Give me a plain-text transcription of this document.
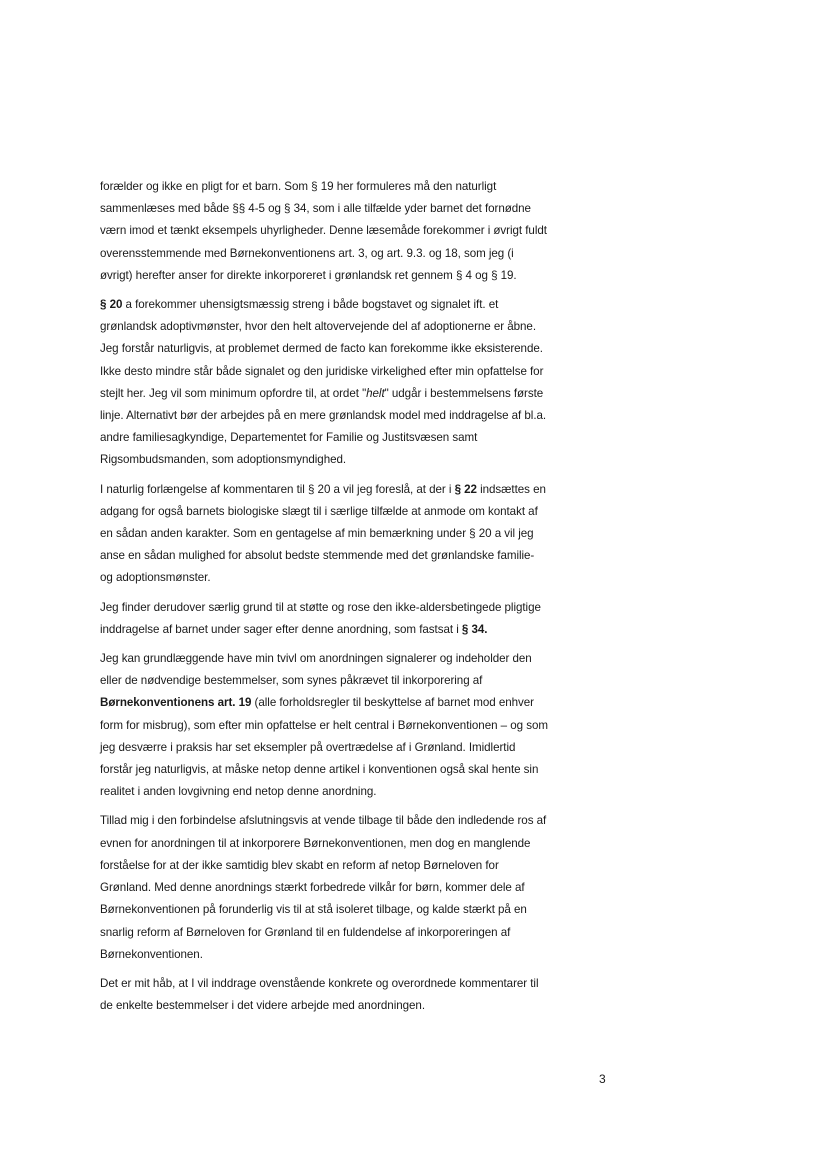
forælder og ikke en pligt for et barn. Som § 19 her formuleres må den naturligt
sammenlæses med både §§ 4-5 og § 34, som i alle tilfælde yder barnet det fornødne
værn imod et tænkt eksempels uhyrligheder. Denne læsemåde forekommer i øvrigt fuldt
overensstemmende med Børnekonventionens art. 3, og art. 9.3. og 18, som jeg (i
øvrigt) herefter anser for direkte inkorporeret i grønlandsk ret gennem § 4 og § 19.
§ 20 a forekommer uhensigtsmæssig streng i både bogstavet og signalet ift. et
grønlandsk adoptivmønster, hvor den helt altovervejende del af adoptionerne er åbne.
Jeg forstår naturligvis, at problemet dermed de facto kan forekomme ikke eksisterende.
Ikke desto mindre står både signalet og den juridiske virkelighed efter min opfattelse for
stejlt her. Jeg vil som minimum opfordre til, at ordet "helt" udgår i bestemmelsens første
linje. Alternativt bør der arbejdes på en mere grønlandsk model med inddragelse af bl.a.
andre familiesagkyndige, Departementet for Familie og Justitsvæsen samt
Rigsombudsmanden, som adoptionsmyndighed.
I naturlig forlængelse af kommentaren til § 20 a vil jeg foreslå, at der i § 22 indsættes en
adgang for også barnets biologiske slægt til i særlige tilfælde at anmode om kontakt af
en sådan anden karakter. Som en gentagelse af min bemærkning under § 20 a vil jeg
anse en sådan mulighed for absolut bedste stemmende med det grønlandske familie-
og adoptionsmønster.
Jeg finder derudover særlig grund til at støtte og rose den ikke-aldersbetingede pligtige
inddragelse af barnet under sager efter denne anordning, som fastsat i § 34.
Jeg kan grundlæggende have min tvivl om anordningen signalerer og indeholder den
eller de nødvendige bestemmelser, som synes påkrævet til inkorporering af
Børnekonventionens art. 19 (alle forholdsregler til beskyttelse af barnet mod enhver
form for misbrug), som efter min opfattelse er helt central i Børnekonventionen – og som
jeg desværre i praksis har set eksempler på overtrædelse af i Grønland. Imidlertid
forstår jeg naturligvis, at måske netop denne artikel i konventionen også skal hente sin
realitet i anden lovgivning end netop denne anordning.
Tillad mig i den forbindelse afslutningsvis at vende tilbage til både den indledende ros af
evnen for anordningen til at inkorporere Børnekonventionen, men dog en manglende
forståelse for at der ikke samtidig blev skabt en reform af netop Børneloven for
Grønland. Med denne anordnings stærkt forbedrede vilkår for børn, kommer dele af
Børnekonventionen på forunderlig vis til at stå isoleret tilbage, og kalde stærkt på en
snarlig reform af Børneloven for Grønland til en fuldendelse af inkorporeringen af
Børnekonventionen.
Det er mit håb, at I vil inddrage ovenstående konkrete og overordnede kommentarer til
de enkelte bestemmelser i det videre arbejde med anordningen.
3
